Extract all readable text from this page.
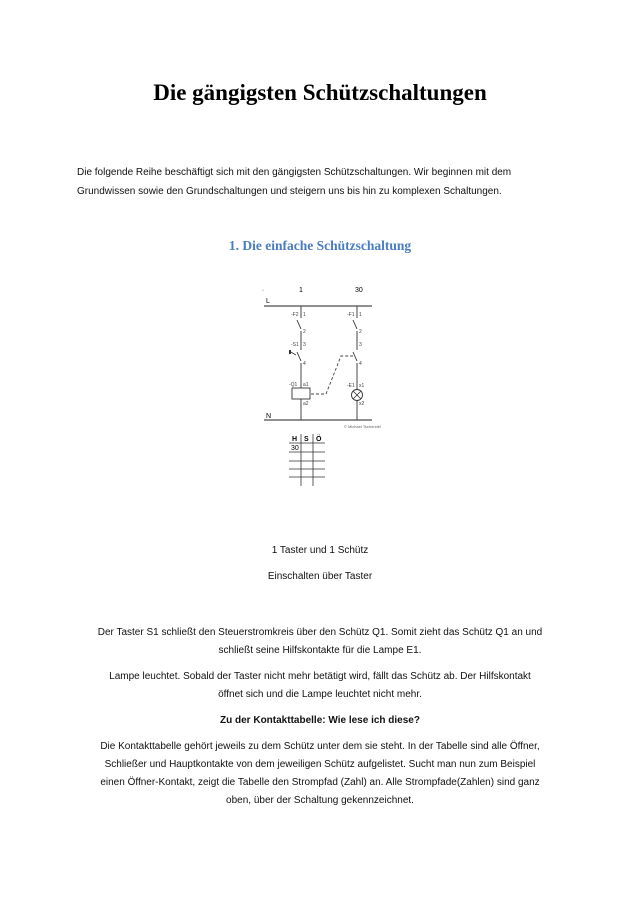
Die gängigsten Schützschaltungen
Die folgende Reihe beschäftigt sich mit den gängigsten Schützschaltungen. Wir beginnen mit dem
Grundwissen sowie den Grundschaltungen und steigern uns bis hin zu komplexen Schaltungen.
1. Die einfache Schützschaltung
1	30
▫
L
N
-F2 1
2
-S1 3
4
-Q1 a1
a2
-F1 1
2
3
4
-E1 x1
x2
© Michael Tschendel
H S Ö
30
1 Taster und 1 Schütz
Einschalten über Taster
Der Taster S1 schließt den Steuerstromkreis über den Schütz Q1. Somit zieht das Schütz Q1 an und
schließt seine Hilfskontakte für die Lampe E1.
Lampe leuchtet. Sobald der Taster nicht mehr betätigt wird, fällt das Schütz ab. Der Hilfskontakt
öffnet sich und die Lampe leuchtet nicht mehr.
Zu der Kontakttabelle: Wie lese ich diese?
Die Kontakttabelle gehört jeweils zu dem Schütz unter dem sie steht. In der Tabelle sind alle Öffner,
Schließer und Hauptkontakte von dem jeweiligen Schütz aufgelistet. Sucht man nun zum Beispiel
einen Öffner-Kontakt, zeigt die Tabelle den Strompfad (Zahl) an. Alle Strompfade(Zahlen) sind ganz
oben, über der Schaltung gekennzeichnet.
